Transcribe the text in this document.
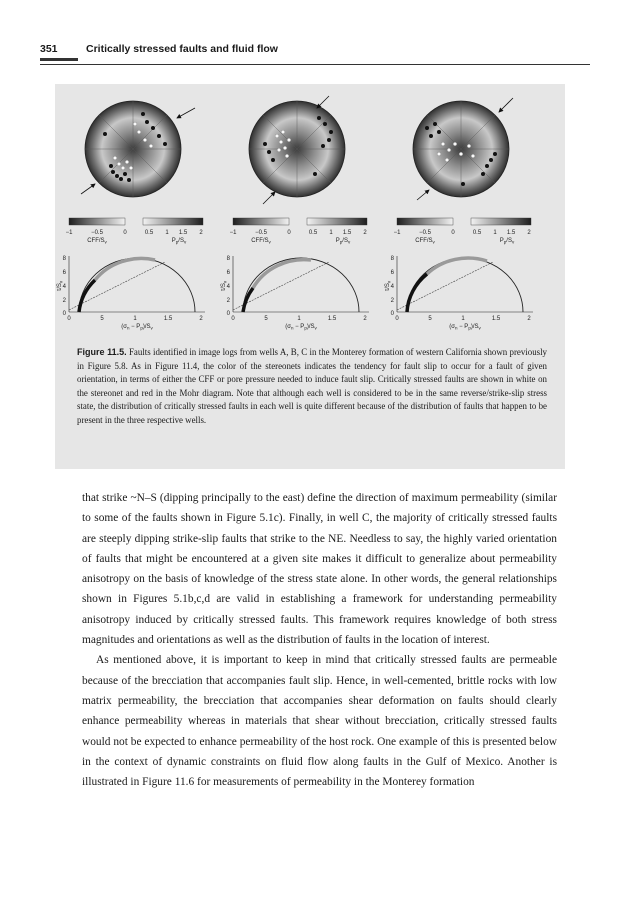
351	Critically stressed faults and fluid flow
−1	−0.5	0
CFF/$S_v$
0.5 1 1.5 2
$P_p/S_v$
$\tau/S_v$
8
6
4
2
0
0	5	1	1.5	2
$(\sigma_n - P_p)/S_v$
−1	−0.5	0
CFF/$S_v$
0.5 1 1.5 2
$P_p/S_v$
$\tau/S_v$
8
6
4
2
0
0	5	1	1.5	2
$(\sigma_n - P_p)/S_v$
−1	−0.5	0
CFF/$S_v$
0.5 1 1.5 2
$P_p/S_v$
$\tau/S_v$
8
6
4
2
0
0	5	1	1.5	2
$(\sigma_n - P_p)/S_v$
Figure 11.5. Faults identified in image logs from wells A, B, C in the Monterey formation of western California shown previously in Figure 5.8. As in Figure 11.4, the color of the stereonets indicates the tendency for fault slip to occur for a fault of given orientation, in terms of either the CFF or pore pressure needed to induce fault slip. Critically stressed faults are shown in white on the stereonet and red in the Mohr diagram. Note that although each well is considered to be in the same reverse/strike-slip stress state, the distribution of critically stressed faults in each well is quite different because of the distribution of faults that happen to be present in the three respective wells.

that strike ~N–S (dipping principally to the east) define the direction of maximum permeability (similar to some of the faults shown in Figure 5.1c). Finally, in well C, the majority of critically stressed faults are steeply dipping strike-slip faults that strike to the NE. Needless to say, the highly varied orientation of faults that might be encountered at a given site makes it difficult to generalize about permeability anisotropy on the basis of knowledge of the stress state alone. In other words, the general relationships shown in Figures 5.1b,c,d are valid in establishing a framework for understanding permeability anisotropy induced by critically stressed faults. This framework requires knowledge of both stress magnitudes and orientations as well as the distribution of faults in the location of interest.

As mentioned above, it is important to keep in mind that critically stressed faults are permeable because of the brecciation that accompanies fault slip. Hence, in well-cemented, brittle rocks with low matrix permeability, the brecciation that accompanies shear deformation on faults should clearly enhance permeability whereas in materials that shear without brecciation, critically stressed faults would not be expected to enhance permeability of the host rock. One example of this is presented below in the context of dynamic constraints on fluid flow along faults in the Gulf of Mexico. Another is illustrated in Figure 11.6 for measurements of permeability in the Monterey formation
